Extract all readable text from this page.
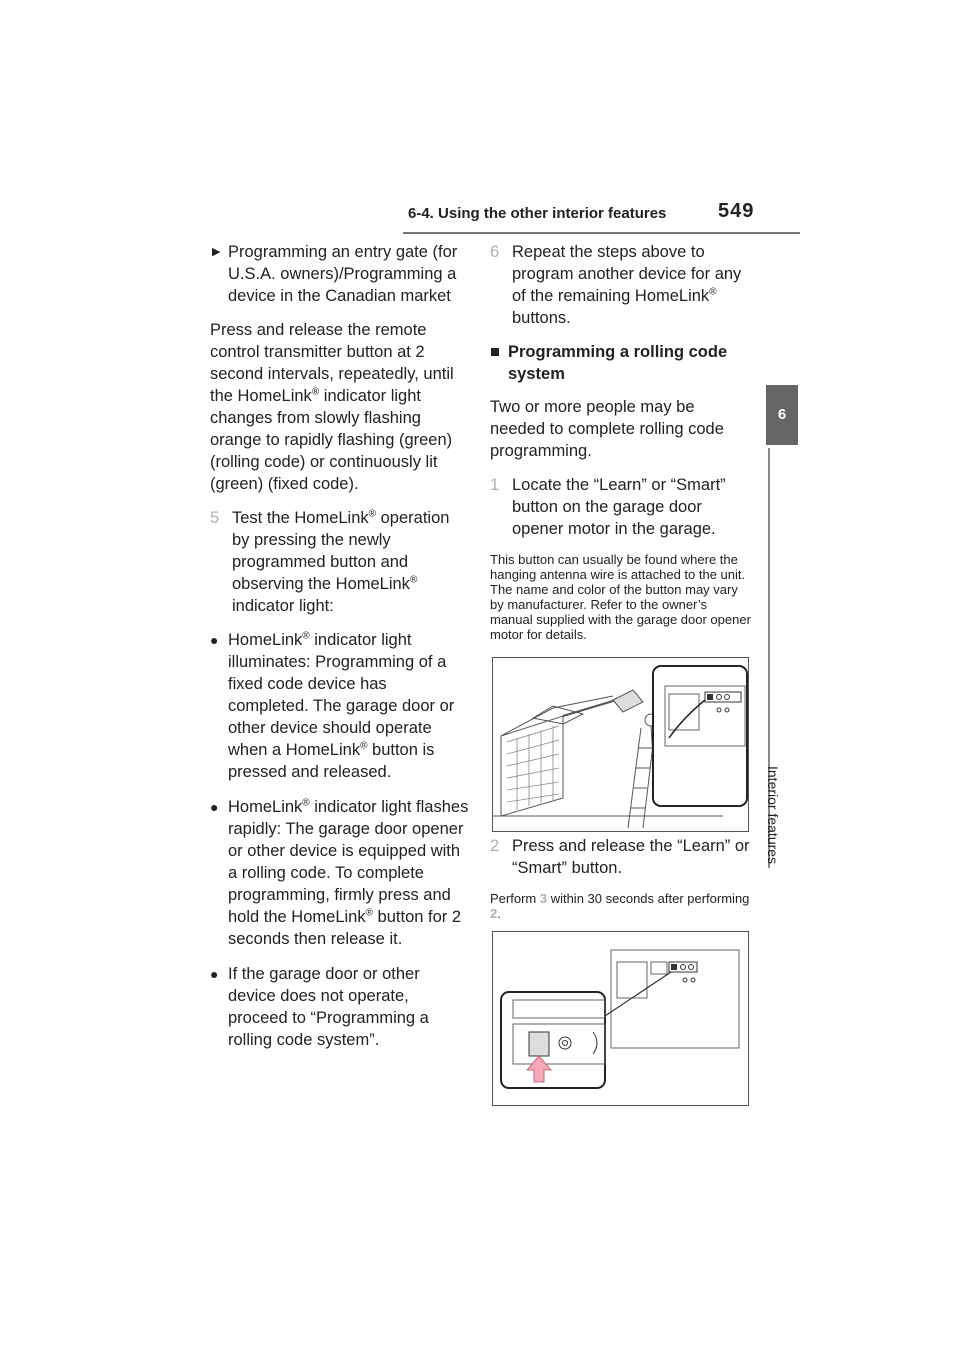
6-4. Using the other interior features	549
6
Interior features

▶ Programming an entry gate (for U.S.A. owners)/Programming a device in the Canadian market

Press and release the remote control transmitter button at 2 second intervals, repeatedly, until the HomeLink® indicator light changes from slowly flashing orange to rapidly flashing (green) (rolling code) or continuously lit (green) (fixed code).

5 Test the HomeLink® operation by pressing the newly programmed button and observing the HomeLink® indicator light:

● HomeLink® indicator light illuminates: Programming of a fixed code device has completed. The garage door or other device should operate when a HomeLink® button is pressed and released.

● HomeLink® indicator light flashes rapidly: The garage door opener or other device is equipped with a rolling code. To complete programming, firmly press and hold the HomeLink® button for 2 seconds then release it.

● If the garage door or other device does not operate, proceed to “Programming a rolling code system”.

6 Repeat the steps above to program another device for any of the remaining HomeLink® buttons.

■ Programming a rolling code system

Two or more people may be needed to complete rolling code programming.

1 Locate the “Learn” or “Smart” button on the garage door opener motor in the garage.

This button can usually be found where the hanging antenna wire is attached to the unit. The name and color of the button may vary by manufacturer. Refer to the owner’s manual supplied with the garage door opener motor for details.

2 Press and release the “Learn” or “Smart” button.

Perform 3 within 30 seconds after performing 2.
